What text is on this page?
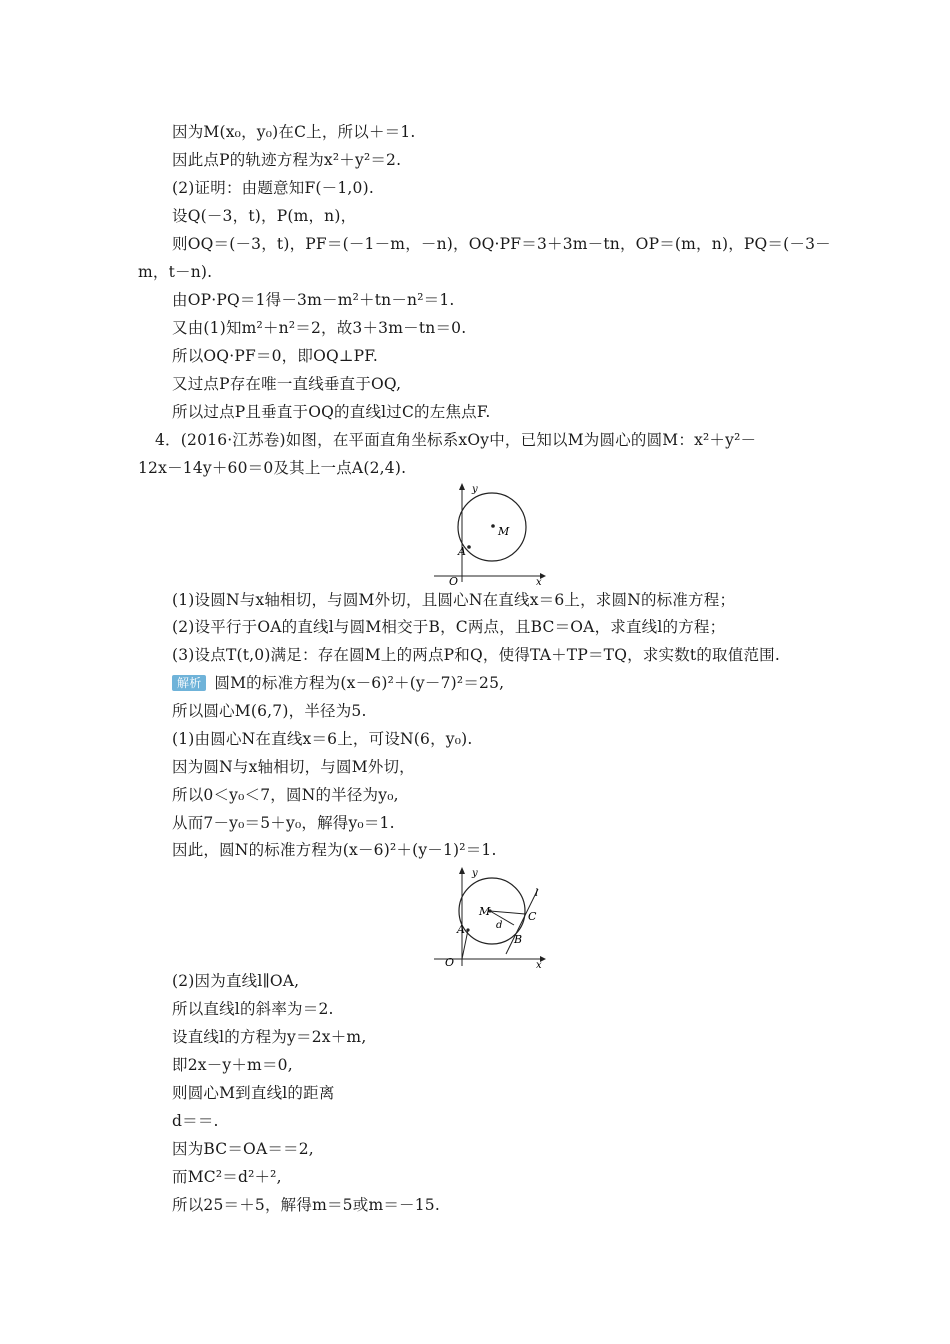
因为M(x₀，y₀)在C上，所以＋＝1.
因此点P的轨迹方程为x²＋y²＝2.
(2)证明：由题意知F(－1,0).
设Q(－3，t)，P(m，n)，
则OQ＝(－3，t)，PF＝(－1－m，－n)，OQ·PF＝3＋3m－tn，OP＝(m，n)，PQ＝(－3－
m，t－n).
由OP·PQ＝1得－3m－m²＋tn－n²＝1.
又由(1)知m²＋n²＝2，故3＋3m－tn＝0.
所以OQ·PF＝0，即OQ⊥PF.
又过点P存在唯一直线垂直于OQ,
所以过点P且垂直于OQ的直线l过C的左焦点F.
4．(2016·江苏卷)如图，在平面直角坐标系xOy中，已知以M为圆心的圆M：x²＋y²－
12x－14y＋60＝0及其上一点A(2,4).
y
x
O
M
A
(1)设圆N与x轴相切，与圆M外切，且圆心N在直线x＝6上，求圆N的标准方程；
(2)设平行于OA的直线l与圆M相交于B，C两点，且BC＝OA，求直线l的方程；
(3)设点T(t,0)满足：存在圆M上的两点P和Q，使得TA＋TP＝TQ，求实数t的取值范围.
解析 圆M的标准方程为(x－6)²＋(y－7)²＝25,
所以圆心M(6,7)，半径为5.
(1)由圆心N在直线x＝6上，可设N(6，y₀).
因为圆N与x轴相切，与圆M外切，
所以0＜y₀＜7，圆N的半径为y₀,
从而7－y₀＝5＋y₀，解得y₀＝1.
因此，圆N的标准方程为(x－6)²＋(y－1)²＝1.
y
x
O
M
A
C
B
d
l
(2)因为直线l∥OA,
所以直线l的斜率为＝2.
设直线l的方程为y＝2x＋m,
即2x－y＋m＝0,
则圆心M到直线l的距离
d＝＝.
因为BC＝OA＝＝2,
而MC²＝d²＋²,
所以25＝＋5，解得m＝5或m＝－15.
